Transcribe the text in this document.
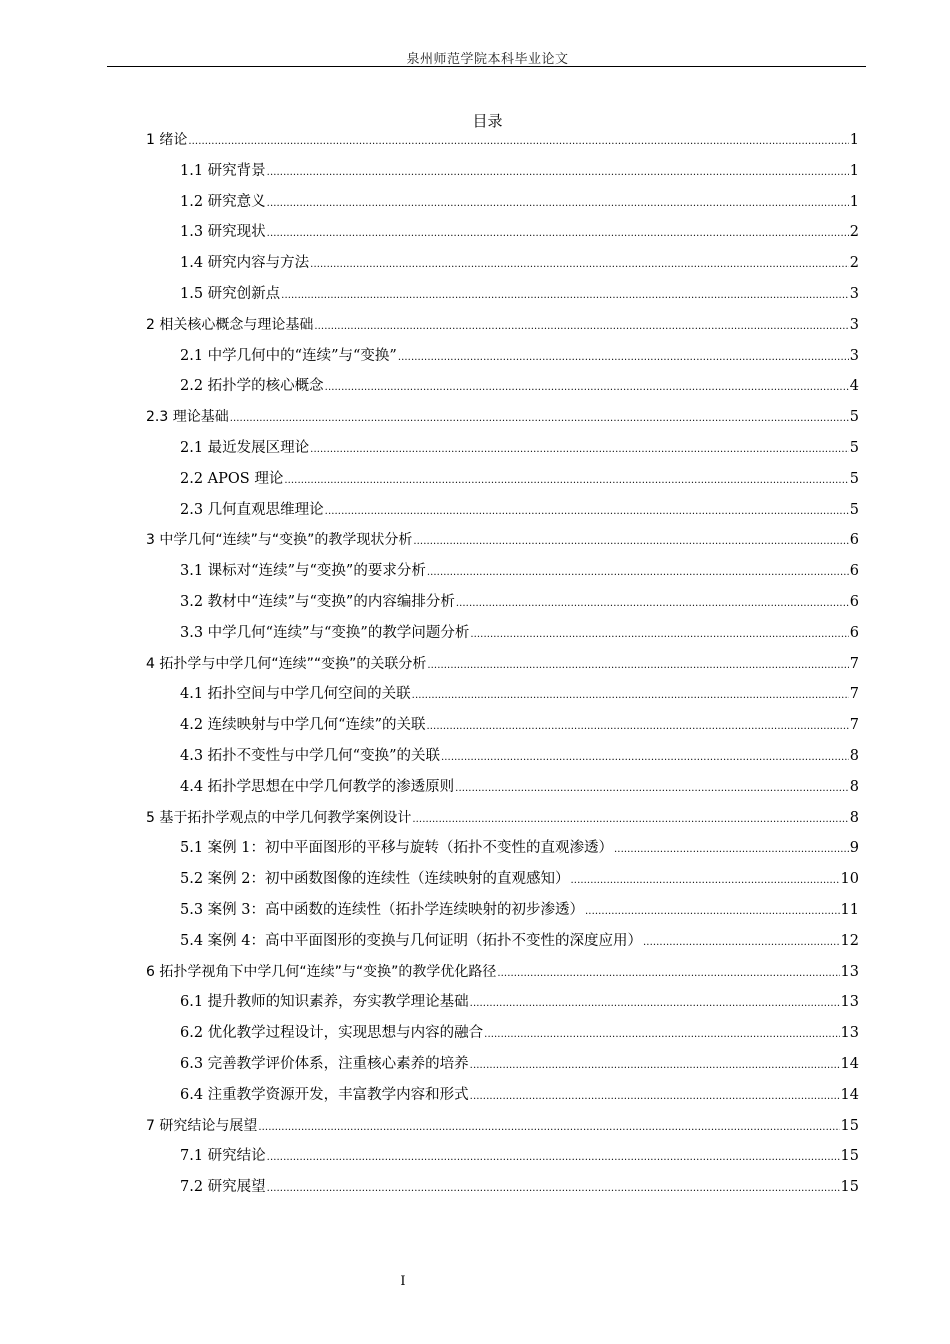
泉州师范学院本科毕业论文
目录
1 绪论 .....	1
1.1 研究背景 .....	1
1.2 研究意义 .....	1
1.3 研究现状 .....	2
1.4 研究内容与方法 .....	2
1.5 研究创新点 .....	3
2 相关核心概念与理论基础 .....	3
2.1 中学几何中的“连续”与“变换” .....	3
2.2 拓扑学的核心概念 .....	4
2.3 理论基础 .....	5
2.1 最近发展区理论 .....	5
2.2 APOS 理论 .....	5
2.3 几何直观思维理论 .....	5
3 中学几何“连续”与“变换”的教学现状分析 .....	6
3.1 课标对“连续”与“变换”的要求分析 .....	6
3.2 教材中“连续”与“变换”的内容编排分析 .....	6
3.3 中学几何“连续”与“变换”的教学问题分析 .....	6
4 拓扑学与中学几何“连续”“变换”的关联分析 .....	7
4.1 拓扑空间与中学几何空间的关联 .....	7
4.2 连续映射与中学几何“连续”的关联 .....	7
4.3 拓扑不变性与中学几何“变换”的关联 .....	8
4.4 拓扑学思想在中学几何教学的渗透原则 .....	8
5 基于拓扑学观点的中学几何教学案例设计 .....	8
5.1 案例 1：初中平面图形的平移与旋转（拓扑不变性的直观渗透） .....	9
5.2 案例 2：初中函数图像的连续性（连续映射的直观感知） .....	10
5.3 案例 3：高中函数的连续性（拓扑学连续映射的初步渗透） .....	11
5.4 案例 4：高中平面图形的变换与几何证明（拓扑不变性的深度应用） .....	12
6 拓扑学视角下中学几何“连续”与“变换”的教学优化路径 .....	13
6.1 提升教师的知识素养，夯实教学理论基础 .....	13
6.2 优化教学过程设计，实现思想与内容的融合 .....	13
6.3 完善教学评价体系，注重核心素养的培养 .....	14
6.4 注重教学资源开发，丰富教学内容和形式 .....	14
7 研究结论与展望 .....	15
7.1 研究结论 .....	15
7.2 研究展望 .....	15
I
